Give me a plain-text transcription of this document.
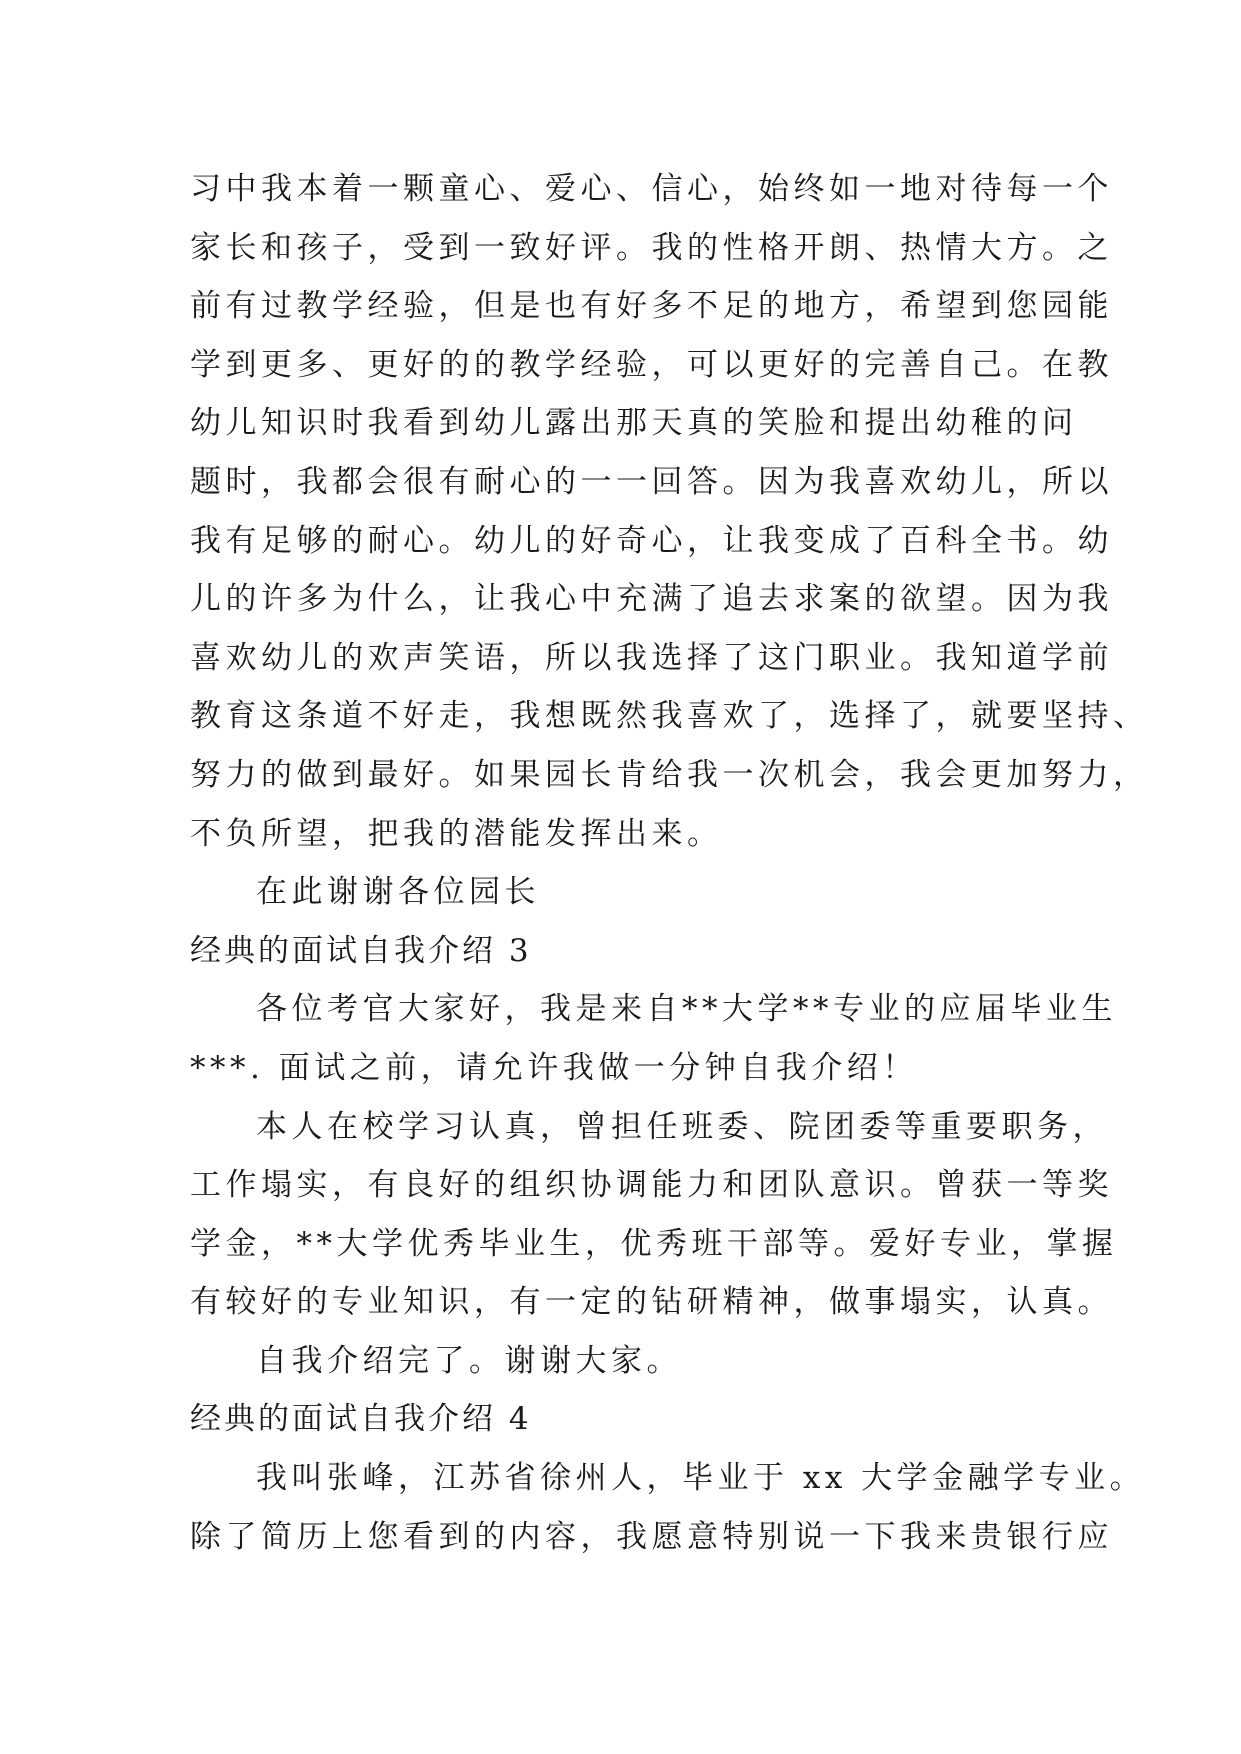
习中我本着一颗童心、爱心、信心，始终如一地对待每一个
家长和孩子，受到一致好评。我的性格开朗、热情大方。之
前有过教学经验，但是也有好多不足的地方，希望到您园能
学到更多、更好的的教学经验，可以更好的完善自己。在教
幼儿知识时我看到幼儿露出那天真的笑脸和提出幼稚的问
题时，我都会很有耐心的一一回答。因为我喜欢幼儿，所以
我有足够的耐心。幼儿的好奇心，让我变成了百科全书。幼
儿的许多为什么，让我心中充满了追去求案的欲望。因为我
喜欢幼儿的欢声笑语，所以我选择了这门职业。我知道学前
教育这条道不好走，我想既然我喜欢了，选择了，就要坚持、
努力的做到最好。如果园长肯给我一次机会，我会更加努力，
不负所望，把我的潜能发挥出来。
在此谢谢各位园长
经典的面试自我介绍 3
各位考官大家好，我是来自**大学**专业的应届毕业生
***. 面试之前，请允许我做一分钟自我介绍！
本人在校学习认真，曾担任班委、院团委等重要职务，
工作塌实，有良好的组织协调能力和团队意识。曾获一等奖
学金，**大学优秀毕业生，优秀班干部等。爱好专业，掌握
有较好的专业知识，有一定的钻研精神，做事塌实，认真。
自我介绍完了。谢谢大家。
经典的面试自我介绍 4
我叫张峰，江苏省徐州人，毕业于 xx 大学金融学专业。
除了简历上您看到的内容，我愿意特别说一下我来贵银行应
